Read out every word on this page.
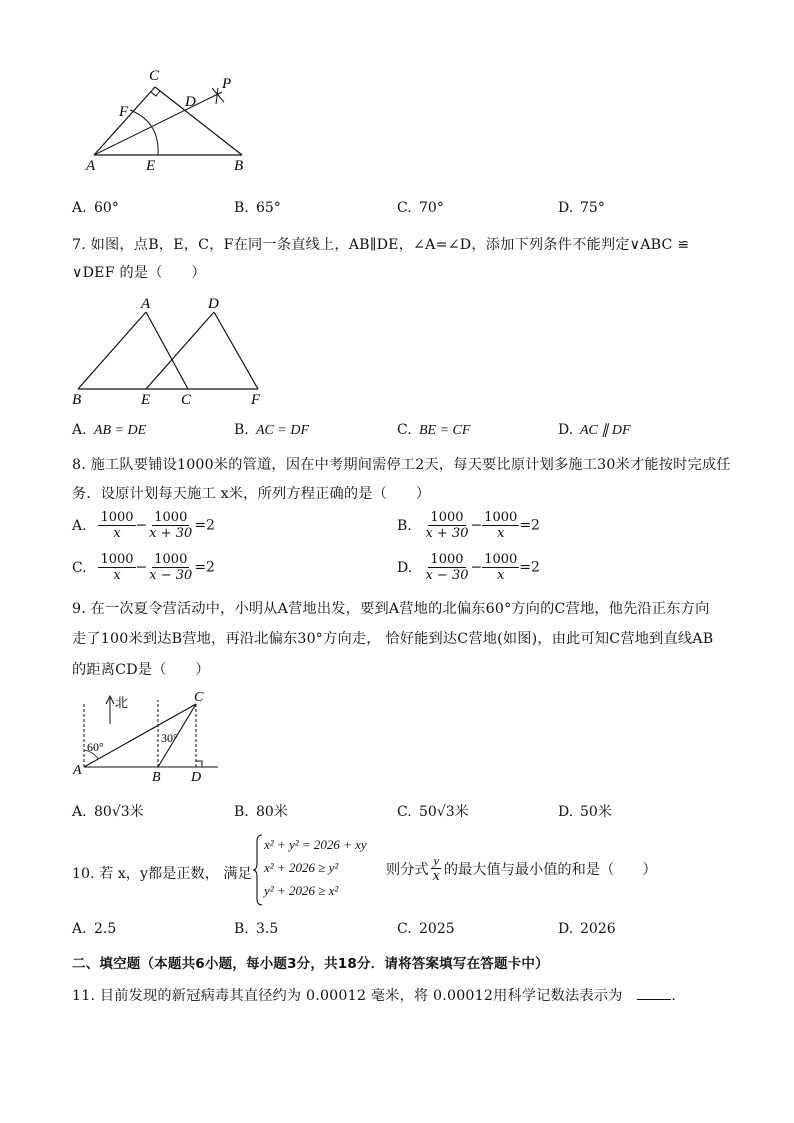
C	P
F
D
A	E	B
A. 60°	B. 65°	C. 70°	D. 75°
7. 如图，点B，E，C，F在同一条直线上，AB∥DE，∠A=∠D，添加下列条件不能判定∨ABC ≌
∨DEF 的是（　　）
A	D
B	E C	F
A. AB = DE	B. AC = DF	C. BE = CF	D. AC ∥ DF
8. 施工队要铺设1000米的管道，因在中考期间需停工2天，每天要比原计划多施工30米才能按时完成任
务．设原计划每天施工 x米，所列方程正确的是（　　）
A. $\frac{1000}{x} - \frac{1000}{x + 30} =2$	B. $\frac{1000}{x + 30} - \frac{1000}{x} =2$
C. $\frac{1000}{x} - \frac{1000}{x - 30} =2$	D. $\frac{1000}{x - 30} - \frac{1000}{x} =2$
9. 在一次夏令营活动中，小明从A营地出发，要到A营地的北偏东60°方向的C营地，他先沿正东方向
走了100米到达B营地，再沿北偏东30°方向走， 恰好能到达C营地(如图)，由此可知C营地到直线AB
的距离CD是（　　）
北	C
60°
30°
A	B D
A. 80√3米	B. 80米	C. 50√3米	D. 50米
10. 若 x，y都是正数， 满足
x² + y² = 2026 + xy
x² + 2026 ≥ y²
y² + 2026 ≥ x²
则分式 $\frac{y}{x}$ 的最大值与最小值的和是（　　）
A. 2.5	B. 3.5	C. 2025	D. 2026
二、填空题（本题共6小题，每小题3分，共18分．请将答案填写在答题卡中）
11. 目前发现的新冠病毒其直径约为 0.00012 毫米，将 0.00012用科学记数法表示为	.
